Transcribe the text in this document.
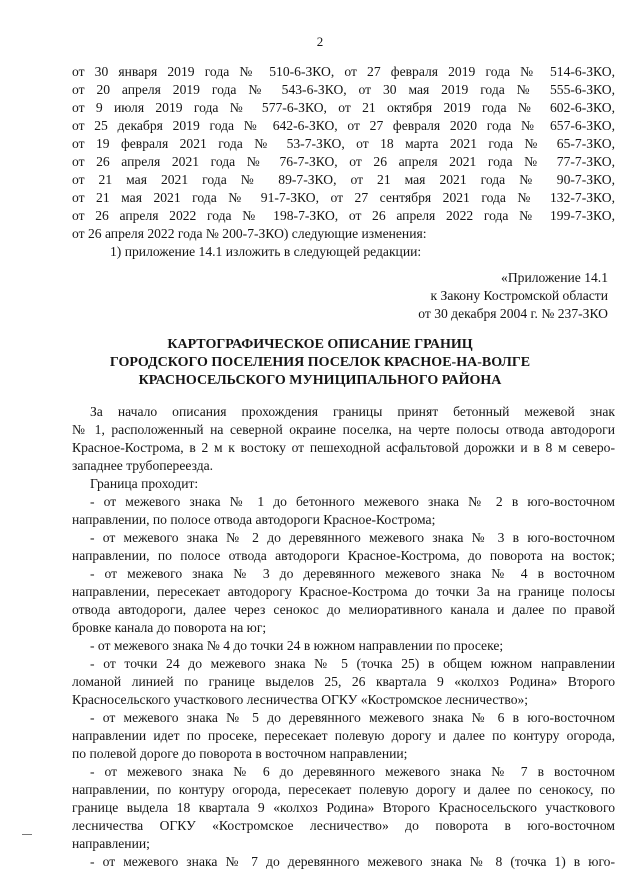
2
от 30 января 2019 года № 510-6-ЗКО, от 27 февраля 2019 года № 514-6-ЗКО,
от 20 апреля 2019 года № 543-6-ЗКО, от 30 мая 2019 года № 555-6-ЗКО,
от 9 июля 2019 года № 577-6-ЗКО, от 21 октября 2019 года № 602-6-ЗКО,
от 25 декабря 2019 года № 642-6-ЗКО, от 27 февраля 2020 года № 657-6-ЗКО,
от 19 февраля 2021 года № 53-7-ЗКО, от 18 марта 2021 года № 65-7-ЗКО,
от 26 апреля 2021 года № 76-7-ЗКО, от 26 апреля 2021 года № 77-7-ЗКО,
от 21 мая 2021 года № 89-7-ЗКО, от 21 мая 2021 года № 90-7-ЗКО,
от 21 мая 2021 года № 91-7-ЗКО, от 27 сентября 2021 года № 132-7-ЗКО,
от 26 апреля 2022 года № 198-7-ЗКО, от 26 апреля 2022 года № 199-7-ЗКО,
от 26 апреля 2022 года № 200-7-ЗКО) следующие изменения:
1) приложение 14.1 изложить в следующей редакции:
«Приложение 14.1
к Закону Костромской области
от 30 декабря 2004 г. № 237-ЗКО
КАРТОГРАФИЧЕСКОЕ ОПИСАНИЕ ГРАНИЦ
ГОРОДСКОГО ПОСЕЛЕНИЯ ПОСЕЛОК КРАСНОЕ-НА-ВОЛГЕ
КРАСНОСЕЛЬСКОГО МУНИЦИПАЛЬНОГО РАЙОНА
За начало описания прохождения границы принят бетонный межевой знак
№ 1, расположенный на северной окраине поселка, на черте полосы отвода автодороги
Красное-Кострома, в 2 м к востоку от пешеходной асфальтовой дорожки и в 8 м северо-
западнее трубопереезда.
Граница проходит:
- от межевого знака № 1 до бетонного межевого знака № 2 в юго-восточном
направлении, по полосе отвода автодороги Красное-Кострома;
- от межевого знака № 2 до деревянного межевого знака № 3 в юго-восточном
направлении, по полосе отвода автодороги Красное-Кострома, до поворота на восток;
- от межевого знака № 3 до деревянного межевого знака № 4 в восточном
направлении, пересекает автодорогу Красное-Кострома до точки 3а на границе полосы
отвода автодороги, далее через сенокос до мелиоративного канала и далее по правой
бровке канала до поворота на юг;
- от межевого знака № 4 до точки 24 в южном направлении по просеке;
- от точки 24 до межевого знака № 5 (точка 25) в общем южном направлении
ломаной линией по границе выделов 25, 26 квартала 9 «колхоз Родина» Второго
Красносельского участкового лесничества ОГКУ «Костромское лесничество»;
- от межевого знака № 5 до деревянного межевого знака № 6 в юго-восточном
направлении идет по просеке, пересекает полевую дорогу и далее по контуру огорода,
по полевой дороге до поворота в восточном направлении;
- от межевого знака № 6 до деревянного межевого знака № 7 в восточном
направлении, по контуру огорода, пересекает полевую дорогу и далее по сенокосу, по
границе выдела 18 квартала 9 «колхоз Родина» Второго Красносельского участкового
лесничества ОГКУ «Костромское лесничество» до поворота в юго-восточном
направлении;
- от межевого знака № 7 до деревянного межевого знака № 8 (точка 1) в юго-
